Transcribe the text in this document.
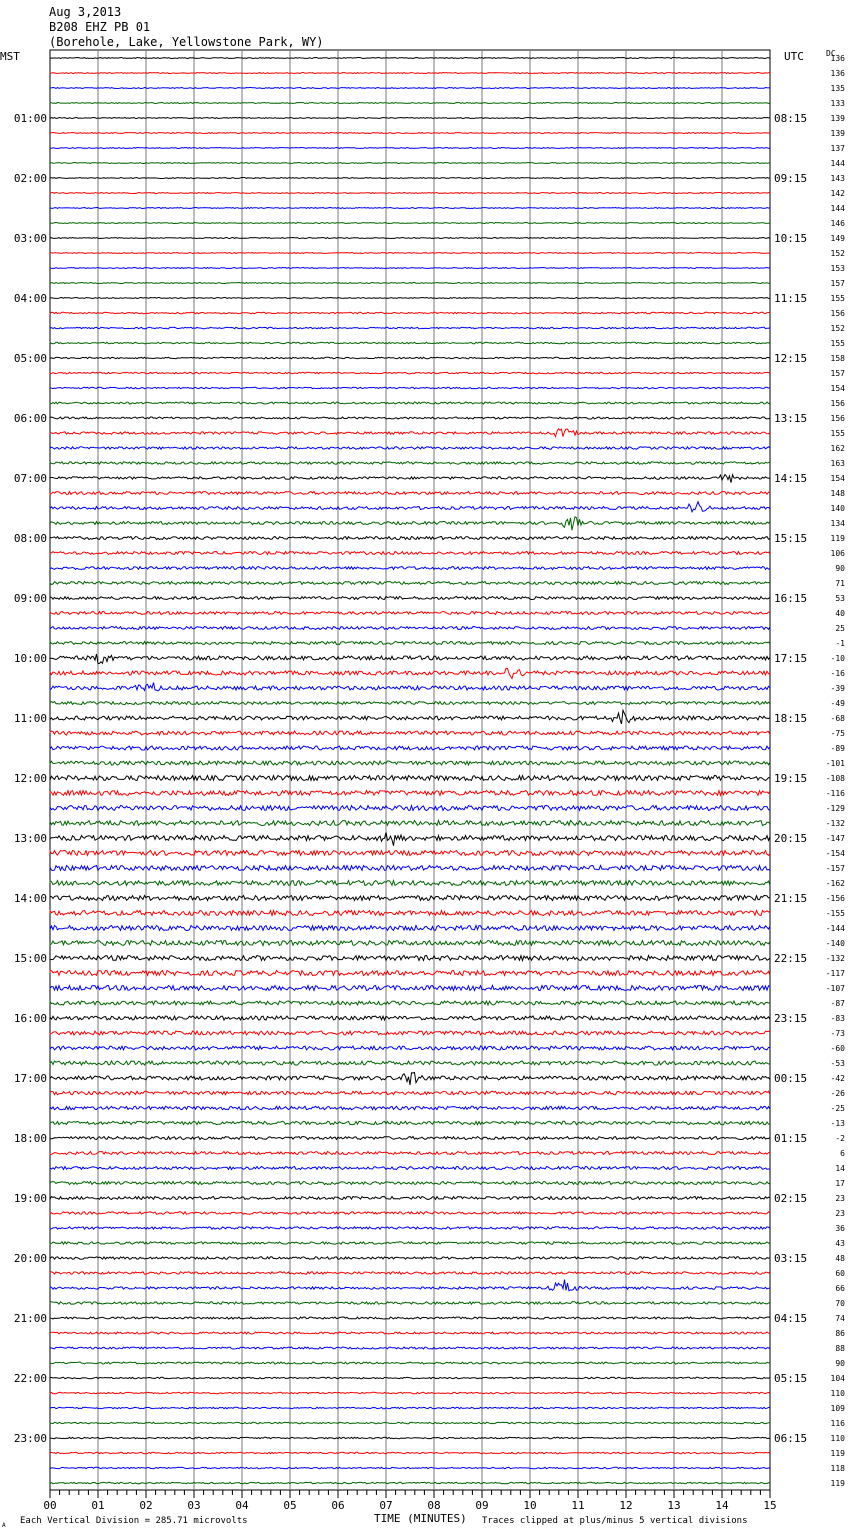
Aug 3,2013
B208 EHZ PB 01
(Borehole, Lake, Yellowstone Park, WY)
00	01	02	03	04	05	06	07	08	09	10	11	12	13	14	15
01:00
02:00
03:00
04:00
05:00
06:00
07:00
08:00
09:00
10:00
11:00
12:00
13:00
14:00
15:00
16:00
17:00
18:00
19:00
20:00
21:00
22:00
23:00
08:15
09:15
10:15
11:15
12:15
13:15
14:15
15:15
16:15
17:15
18:15
19:15
20:15
21:15
22:15
23:15
00:15
01:15
02:15
03:15
04:15
05:15
06:15
136
136
135
133
139
139
137
144
143
142
144
146
149
152
153
157
155
156
152
155
158
157
154
156
156
155
162
163
154
148
140
134
119
106
90
71
53
40
25
-1
-10
-16
-39
-49
-68
-75
-89
-101
-108
-116
-129
-132
-147
-154
-157
-162
-156
-155
-144
-140
-132
-117
-107
-87
-83
-73
-60
-53
-42
-26
-25
-13
-2
6
14
17
23
23
36
43
48
60
66
70
74
86
88
90
104
110
109
116
110
119
118
119
MST	UTC	DC
TIME (MINUTES)
Each Vertical Division = 285.71 microvolts	Traces clipped at plus/minus 5 vertical divisions
A
